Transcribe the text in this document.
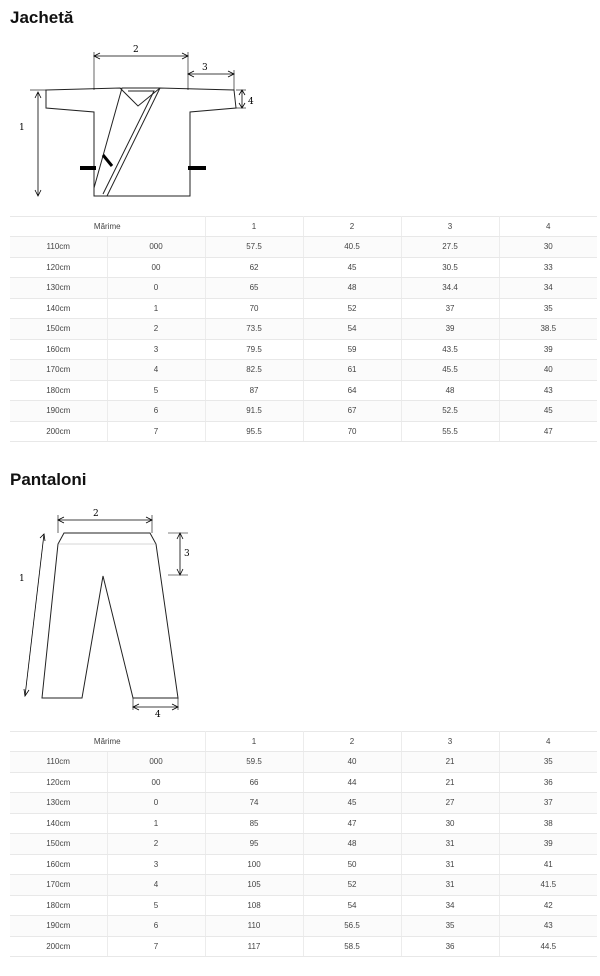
Jachetă
1
2
3
4
Mărime		1	2	3	4
110cm	000	57.5	40.5	27.5	30
120cm	00	62	45	30.5	33
130cm	0	65	48	34.4	34
140cm	1	70	52	37	35
150cm	2	73.5	54	39	38.5
160cm	3	79.5	59	43.5	39
170cm	4	82.5	61	45.5	40
180cm	5	87	64	48	43
190cm	6	91.5	67	52.5	45
200cm	7	95.5	70	55.5	47
Pantaloni
1
2
3
4
Mărime		1	2	3	4
110cm	000	59.5	40	21	35
120cm	00	66	44	21	36
130cm	0	74	45	27	37
140cm	1	85	47	30	38
150cm	2	95	48	31	39
160cm	3	100	50	31	41
170cm	4	105	52	31	41.5
180cm	5	108	54	34	42
190cm	6	110	56.5	35	43
200cm	7	117	58.5	36	44.5
